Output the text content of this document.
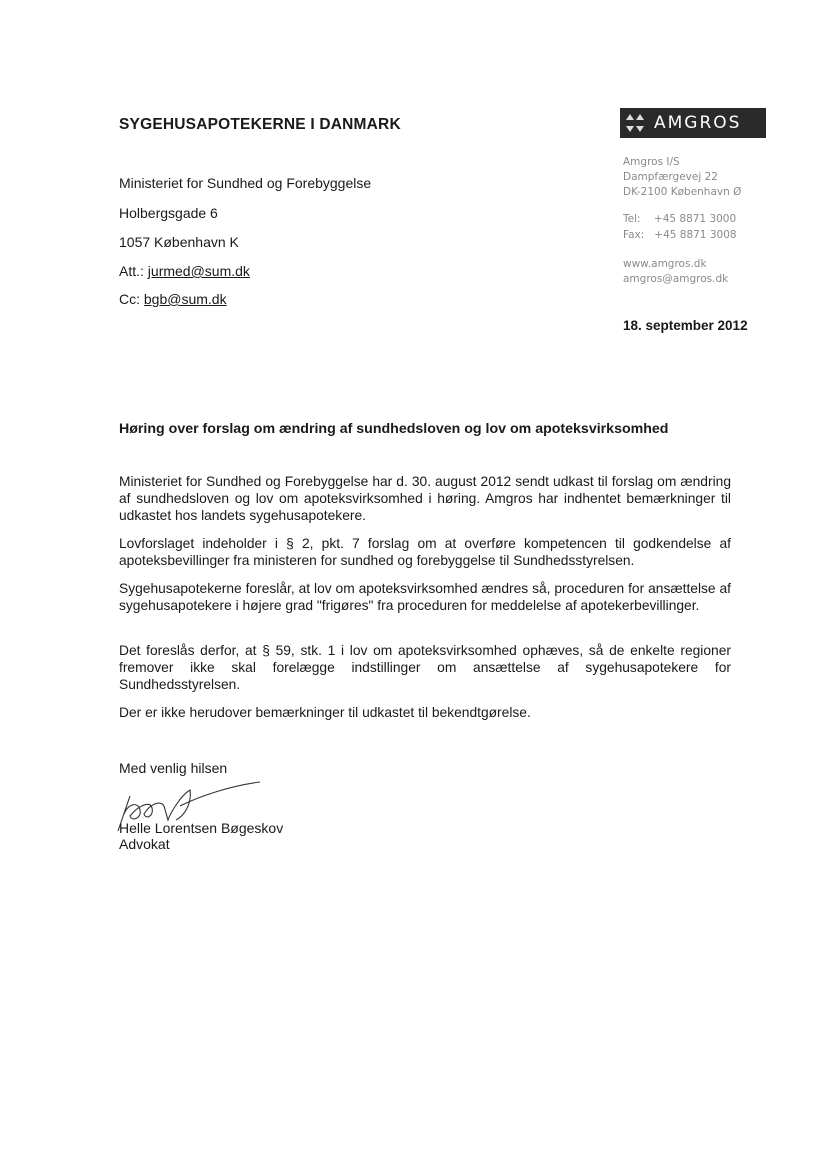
SYGEHUSAPOTEKERNE I DANMARK	AMGROS
Ministeriet for Sundhed og Forebyggelse
Holbergsgade 6
1057 København K
Att.: jurmed@sum.dk
Cc: bgb@sum.dk
Amgros I/S
Dampfærgevej 22
DK-2100 København Ø
Tel:    +45 8871 3000
Fax:   +45 8871 3008
www.amgros.dk
amgros@amgros.dk
18. september 2012
Høring over forslag om ændring af sundhedsloven og lov om apoteksvirksomhed
Ministeriet for Sundhed og Forebyggelse har d. 30. august 2012 sendt udkast til forslag om ændring af sundhedsloven og lov om apoteksvirksomhed i høring. Amgros har indhentet bemærkninger til udkastet hos landets sygehusapotekere.
Lovforslaget indeholder i § 2, pkt. 7 forslag om at overføre kompetencen til godkendelse af apoteksbevillinger fra ministeren for sundhed og forebyggelse til Sundhedsstyrelsen.
Sygehusapotekerne foreslår, at lov om apoteksvirksomhed ændres så, proceduren for ansættelse af sygehusapotekere i højere grad "frigøres" fra proceduren for meddelelse af apotekerbevillinger.
Det foreslås derfor, at § 59, stk. 1 i lov om apoteksvirksomhed ophæves, så de enkelte regioner fremover ikke skal forelægge indstillinger om ansættelse af sygehusapotekere for Sundhedsstyrelsen.
Der er ikke herudover bemærkninger til udkastet til bekendtgørelse.
Med venlig hilsen
Helle Lorentsen Bøgeskov
Advokat
